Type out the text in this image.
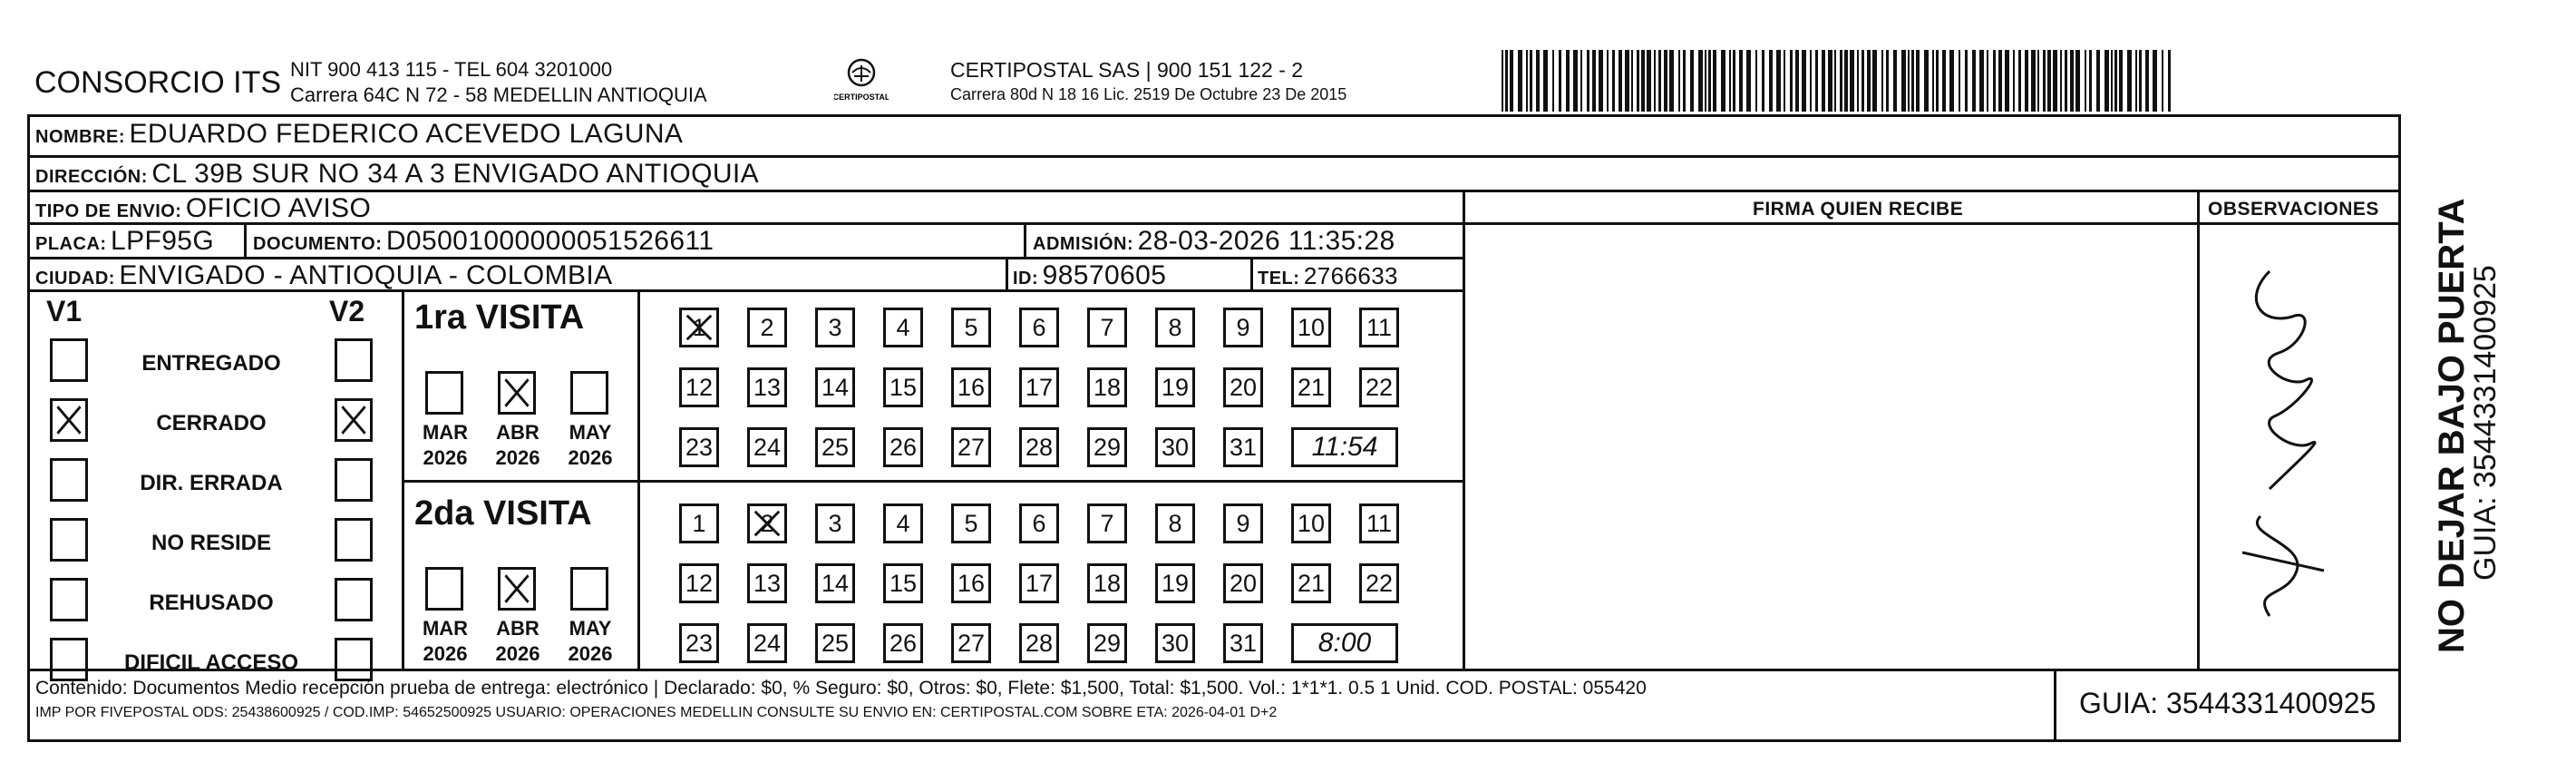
CONSORCIO ITS NIT 900 413 115 - TEL 604 3201000
Carrera 64C N 72 - 58 MEDELLIN ANTIOQUIA	CERTIPOSTAL
CERTIPOSTAL SAS | 900 151 122 - 2
Carrera 80d N 18 16 Lic. 2519 De Octubre 23 De 2015
NOMBRE: EDUARDO FEDERICO ACEVEDO LAGUNA
DIRECCIÓN: CL 39B SUR NO 34 A 3 ENVIGADO ANTIOQUIA
TIPO DE ENVIO: OFICIO AVISO
PLACA: LPF95G DOCUMENTO: D0500100000005152661​1	ADMISIÓN: 28-03-2026 11:35:28
CIUDAD: ENVIGADO - ANTIOQUIA - COLOMBIA	ID: 98570605	TEL: 2766633
FIRMA QUIEN RECIBE	OBSERVACIONES
V1	V2
ENTREGADO
CERRADO
DIR. ERRADA
NO RESIDE
REHUSADO
DIFICIL ACCESO
1ra VISITA
2da VISITA
MAR
2026
ABR
2026
MAY
2026
MAR
2026
ABR
2026
MAY
2026
1	2	3	4	5	6	7	8	9	10 11
12 13 14 15 16 17 18 19 20 21 22
23 24 25 26 27 28 29 30 31	11:54
1	2	3	4	5	6	7	8	9	10 11
12 13 14 15 16 17 18 19 20 21 22
23 24 25 26 27 28 29 30 31	8:00
Contenido: Documentos Medio recepción prueba de entrega: electrónico | Declarado: $0, % Seguro: $0, Otros: $0, Flete: $1,500, Total: $1,500. Vol.: 1*1*1. 0.5 1 Unid. COD. POSTAL: 055420
IMP POR FIVEPOSTAL ODS: 25438600925 / COD.IMP: 54652500925 USUARIO: OPERACIONES MEDELLIN CONSULTE SU ENVIO EN: CERTIPOSTAL.COM SOBRE ETA: 2026-04-01 D+2	GUIA: 3544331400925
NO DEJAR BAJO PUERTA
GUIA: 3544331400925
